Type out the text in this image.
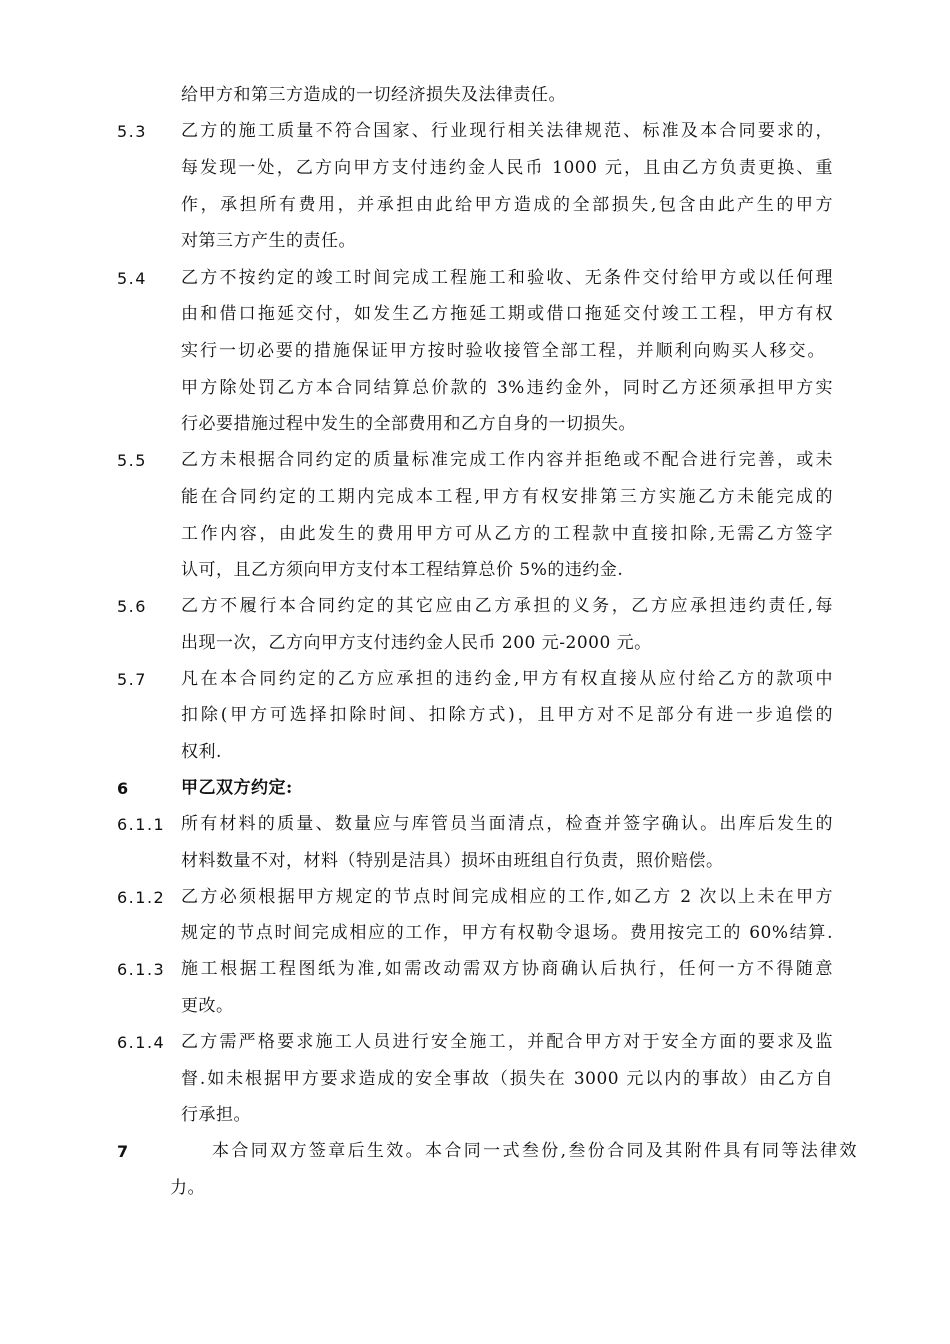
给甲方和第三方造成的一切经济损失及法律责任。
5.3 乙方的施工质量不符合国家、行业现行相关法律规范、标准及本合同要求的，
每发现一处，乙方向甲方支付违约金人民币 1000 元，且由乙方负责更换、重
作，承担所有费用，并承担由此给甲方造成的全部损失,包含由此产生的甲方
对第三方产生的责任。
5.4 乙方不按约定的竣工时间完成工程施工和验收、无条件交付给甲方或以任何理
由和借口拖延交付，如发生乙方拖延工期或借口拖延交付竣工工程，甲方有权
实行一切必要的措施保证甲方按时验收接管全部工程，并顺利向购买人移交。
甲方除处罚乙方本合同结算总价款的 3%违约金外，同时乙方还须承担甲方实
行必要措施过程中发生的全部费用和乙方自身的一切损失。
5.5 乙方未根据合同约定的质量标准完成工作内容并拒绝或不配合进行完善，或未
能在合同约定的工期内完成本工程,甲方有权安排第三方实施乙方未能完成的
工作内容，由此发生的费用甲方可从乙方的工程款中直接扣除,无需乙方签字
认可，且乙方须向甲方支付本工程结算总价 5%的违约金.
5.6 乙方不履行本合同约定的其它应由乙方承担的义务，乙方应承担违约责任,每
出现一次，乙方向甲方支付违约金人民币 200 元-2000 元。
5.7 凡在本合同约定的乙方应承担的违约金,甲方有权直接从应付给乙方的款项中
扣除(甲方可选择扣除时间、扣除方式)，且甲方对不足部分有进一步追偿的
权利.
6	甲乙双方约定:
6.1.1 所有材料的质量、数量应与库管员当面清点，检查并签字确认。出库后发生的
材料数量不对，材料（特别是洁具）损坏由班组自行负责，照价赔偿。
6.1.2 乙方必须根据甲方规定的节点时间完成相应的工作,如乙方 2 次以上未在甲方
规定的节点时间完成相应的工作，甲方有权勒令退场。费用按完工的 60%结算.
6.1.3 施工根据工程图纸为准,如需改动需双方协商确认后执行，任何一方不得随意
更改。
6.1.4 乙方需严格要求施工人员进行安全施工，并配合甲方对于安全方面的要求及监
督.如未根据甲方要求造成的安全事故（损失在 3000 元以内的事故）由乙方自
行承担。
7	本合同双方签章后生效。本合同一式叁份,叁份合同及其附件具有同等法律效
力。
